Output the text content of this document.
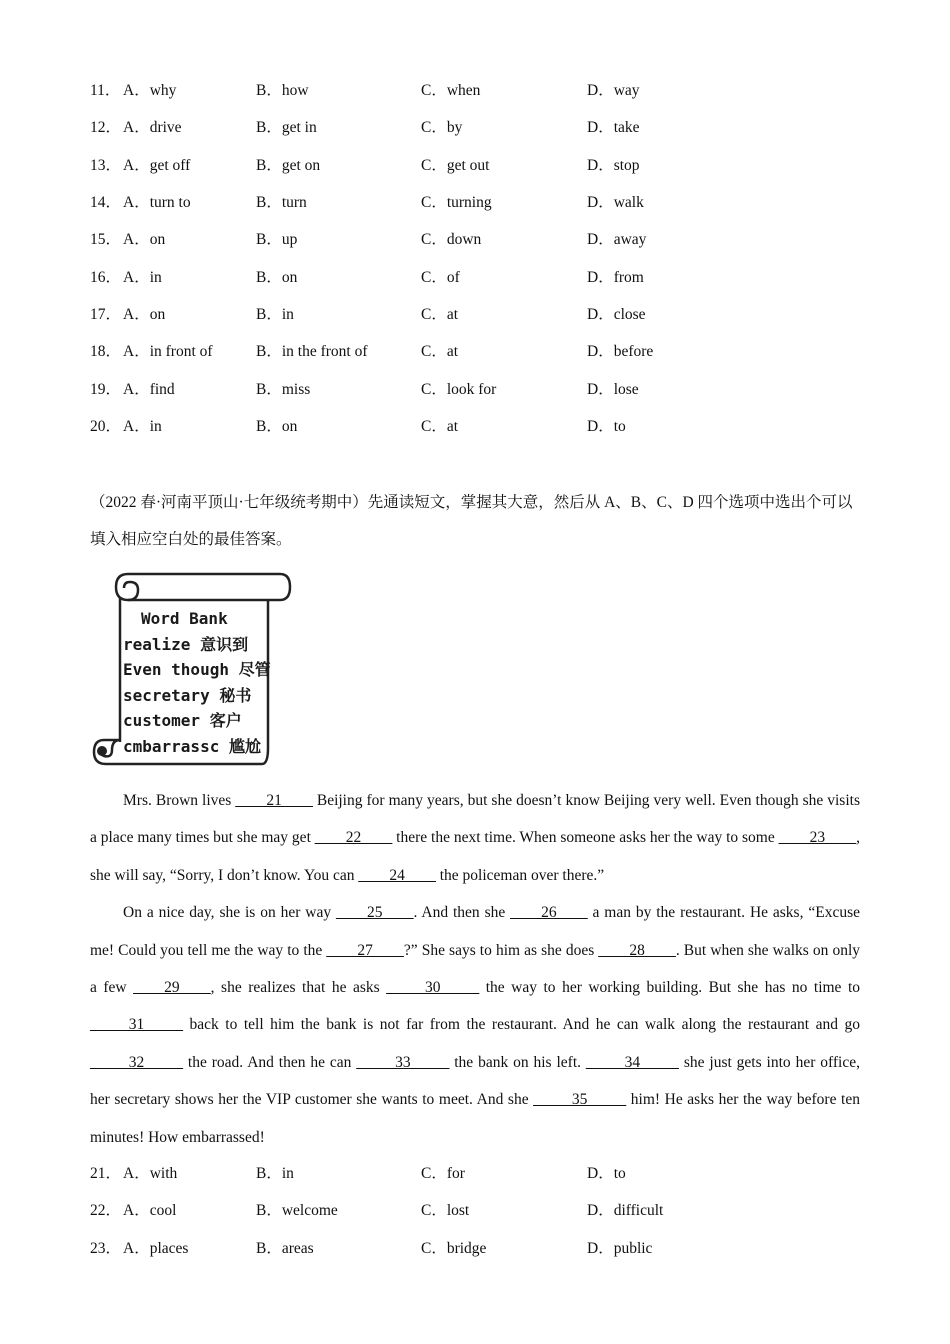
11． A．why	B．how	C．when	D．way
12． A．drive	B．get in	C．by	D．take
13． A．get off	B．get on	C．get out	D．stop
14． A．turn to	B．turn	C．turning	D．walk
15． A．on	B．up	C．down	D．away
16． A．in	B．on	C．of	D．from
17． A．on	B．in	C．at	D．close
18． A．in front of	B．in the front of	C．at	D．before
19． A．find	B．miss	C．look for	D．lose
20． A．in	B．on	C．at	D．to
（2022 春·河南平顶山·七年级统考期中）先通读短文，掌握其大意，然后从 A、B、C、D 四个选项中选出个可以填入相应空白处的最佳答案。
Word Bank
realize 意识到
Even though 尽管
secretary 秘书
customer 客户
cmbarrassc 尴尬

Mrs. Brown lives ____21____ Beijing for many years, but she doesn’t know Beijing very well. Even though she visits a place many times but she may get ____22____ there the next time. When someone asks her the way to some ____23____, she will say, “Sorry, I don’t know. You can ____24____ the policeman over there.”

On a nice day, she is on her way ____25____. And then she ____26____ a man by the restaurant. He asks, “Excuse me! Could you tell me the way to the ____27____?” She says to him as she does ____28____. But when she walks on only a few ____29____, she realizes that he asks _____30_____ the way to her working building. But she has no time to _____31_____ back to tell him the bank is not far from the restaurant. And he can walk along the restaurant and go _____32_____ the road. And then he can _____33_____ the bank on his left. _____34_____ she just gets into her office, her secretary shows her the VIP customer she wants to meet. And she _____35_____ him! He asks her the way before ten minutes! How embarrassed!

21． A．with	B．in	C．for	D．to
22． A．cool	B．welcome	C．lost	D．difficult
23． A．places	B．areas	C．bridge	D．public
